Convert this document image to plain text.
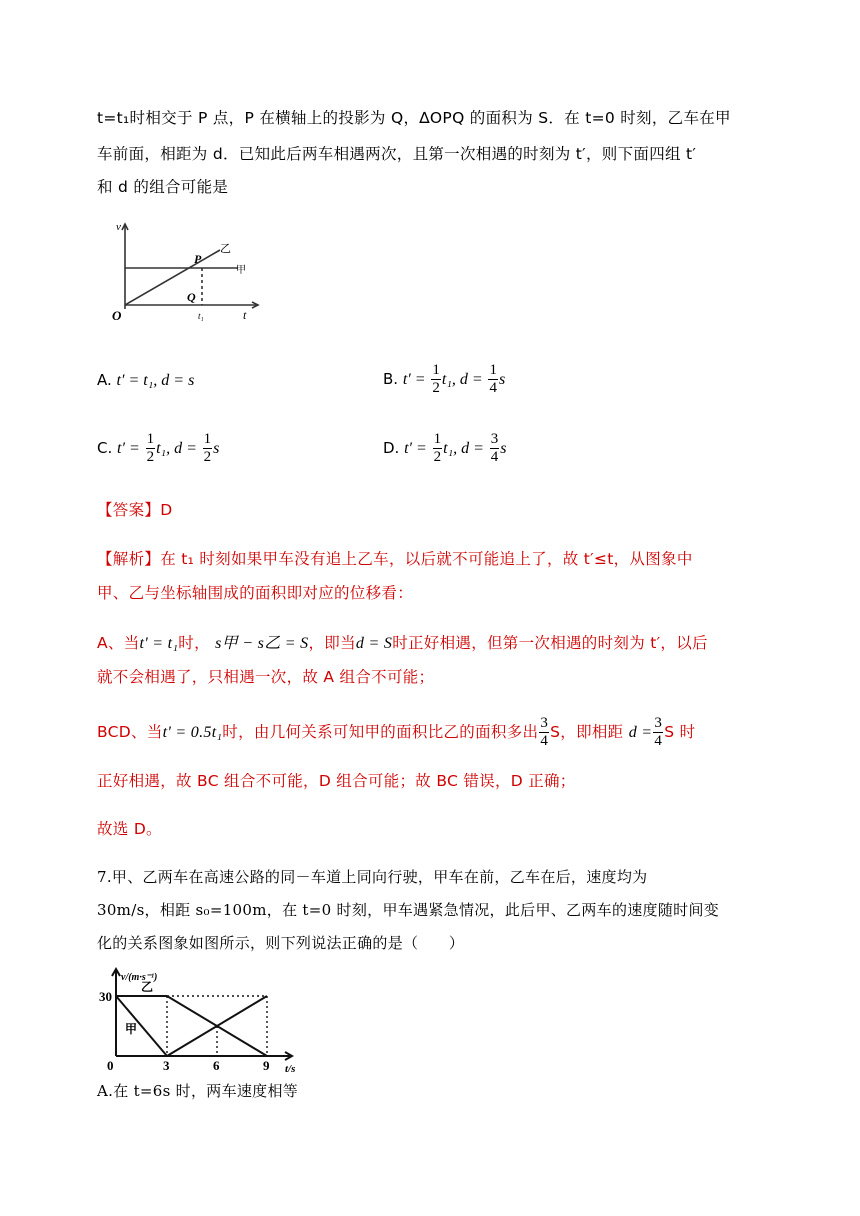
t=t₁时相交于 P 点，P 在横轴上的投影为 Q，∆OPQ 的面积为 S．在 t=0 时刻，乙车在甲
车前面，相距为 d．已知此后两车相遇两次，且第一次相遇的时刻为 t′，则下面四组 t′
和 d 的组合可能是
v
t
O
P
Q
t₁
甲
乙
A. t′ = t₁, d = s	B. $t' = \frac{1}{2} t_1$, $d = \frac{1}{4}$ s
C. $t' = \frac{1}{2} t_1$, $d = \frac{1}{2}$ s	D. $t' = \frac{1}{2} t_1$, $d = \frac{3}{4}$ s
【答案】D
【解析】在 t₁ 时刻如果甲车没有追上乙车，以后就不可能追上了，故 t′≤t，从图象中
甲、乙与坐标轴围成的面积即对应的位移看：
A、当t' = t₁时， s甲 − s乙 = S，即当d = S时正好相遇，但第一次相遇的时刻为 t′，以后
就不会相遇了，只相遇一次，故 A 组合不可能；
BCD、当t' = 0.5t₁时，由几何关系可知甲的面积比乙的面积多出 $\frac{3}{4}$ S，即相距 $d = \frac{3}{4}$ S 时
正好相遇，故 BC 组合不可能，D 组合可能；故 BC 错误，D 正确；
故选 D。
7.甲、乙两车在高速公路的同－车道上同向行驶，甲车在前，乙车在后，速度均为
30m/s，相距 s₀=100m，在 t=0 时刻，甲车遇紧急情况，此后甲、乙两车的速度随时间变
化的关系图象如图所示，则下列说法正确的是（　　）
v/(m·s⁻¹)
t/s
30
0	3	6	9
甲
乙
A.在 t=6s 时，两车速度相等
